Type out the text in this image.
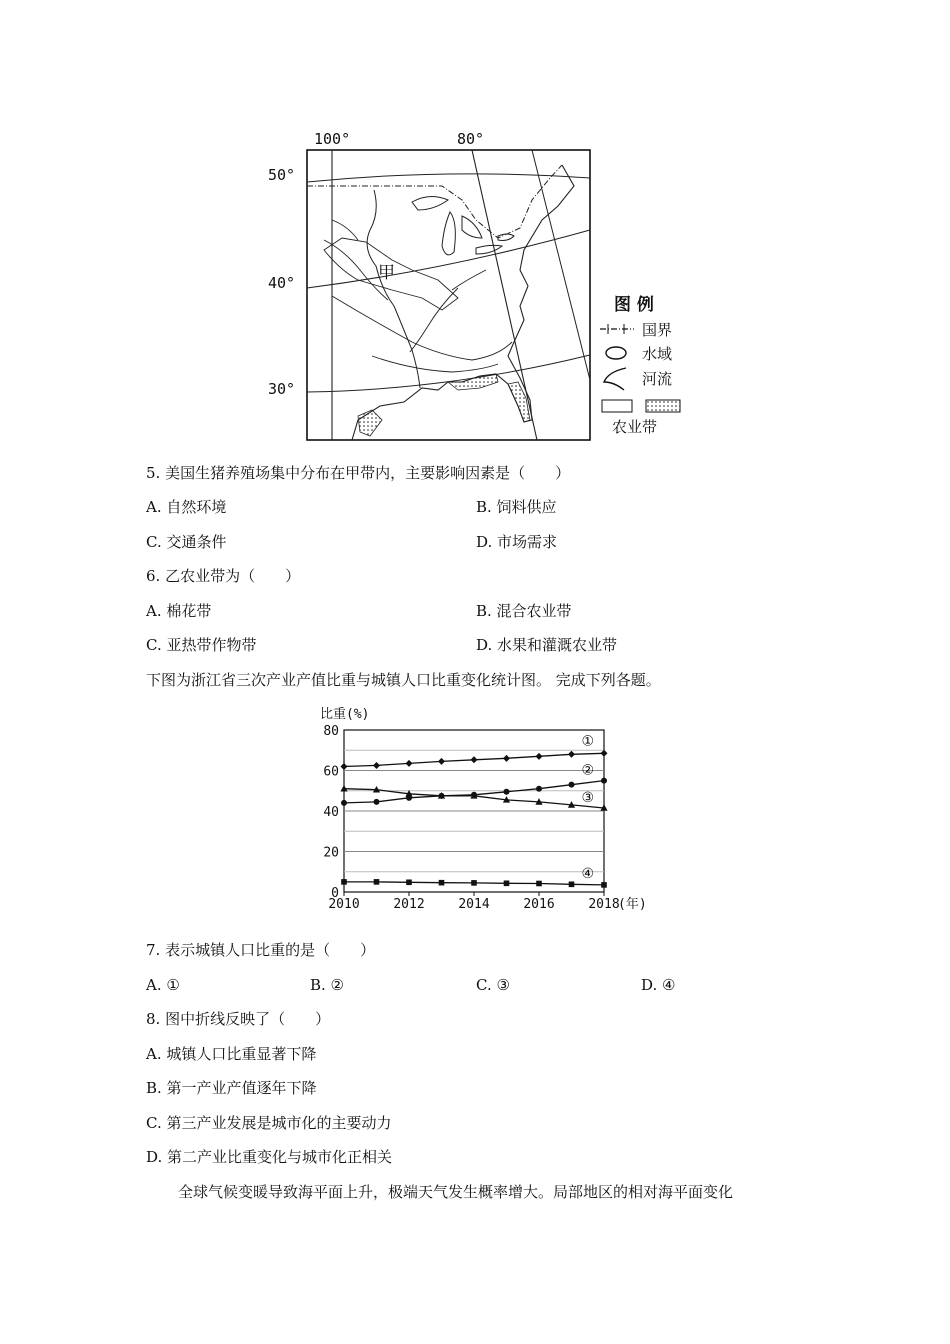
100°	80°
50°
40°
30°
甲
图 例
国界
水域
河流
农业带
5. 美国生猪养殖场集中分布在甲带内，主要影响因素是（　　）
A. 自然环境	B. 饲料供应
C. 交通条件	D. 市场需求
6. 乙农业带为（　　）
A. 棉花带	B. 混合农业带
C. 亚热带作物带	D. 水果和灌溉农业带
下图为浙江省三次产业产值比重与城镇人口比重变化统计图。 完成下列各题。
0
20
40
60
80
2010	2012	2014	2016	2018
比重(%)
(年)
①
②
③
④
7. 表示城镇人口比重的是（　　）
A. ①	B. ②	C. ③	D. ④
8. 图中折线反映了（　　）
A. 城镇人口比重显著下降
B. 第一产业产值逐年下降
C. 第三产业发展是城市化的主要动力
D. 第二产业比重变化与城市化正相关
全球气候变暖导致海平面上升，极端天气发生概率增大。局部地区的相对海平面变化
